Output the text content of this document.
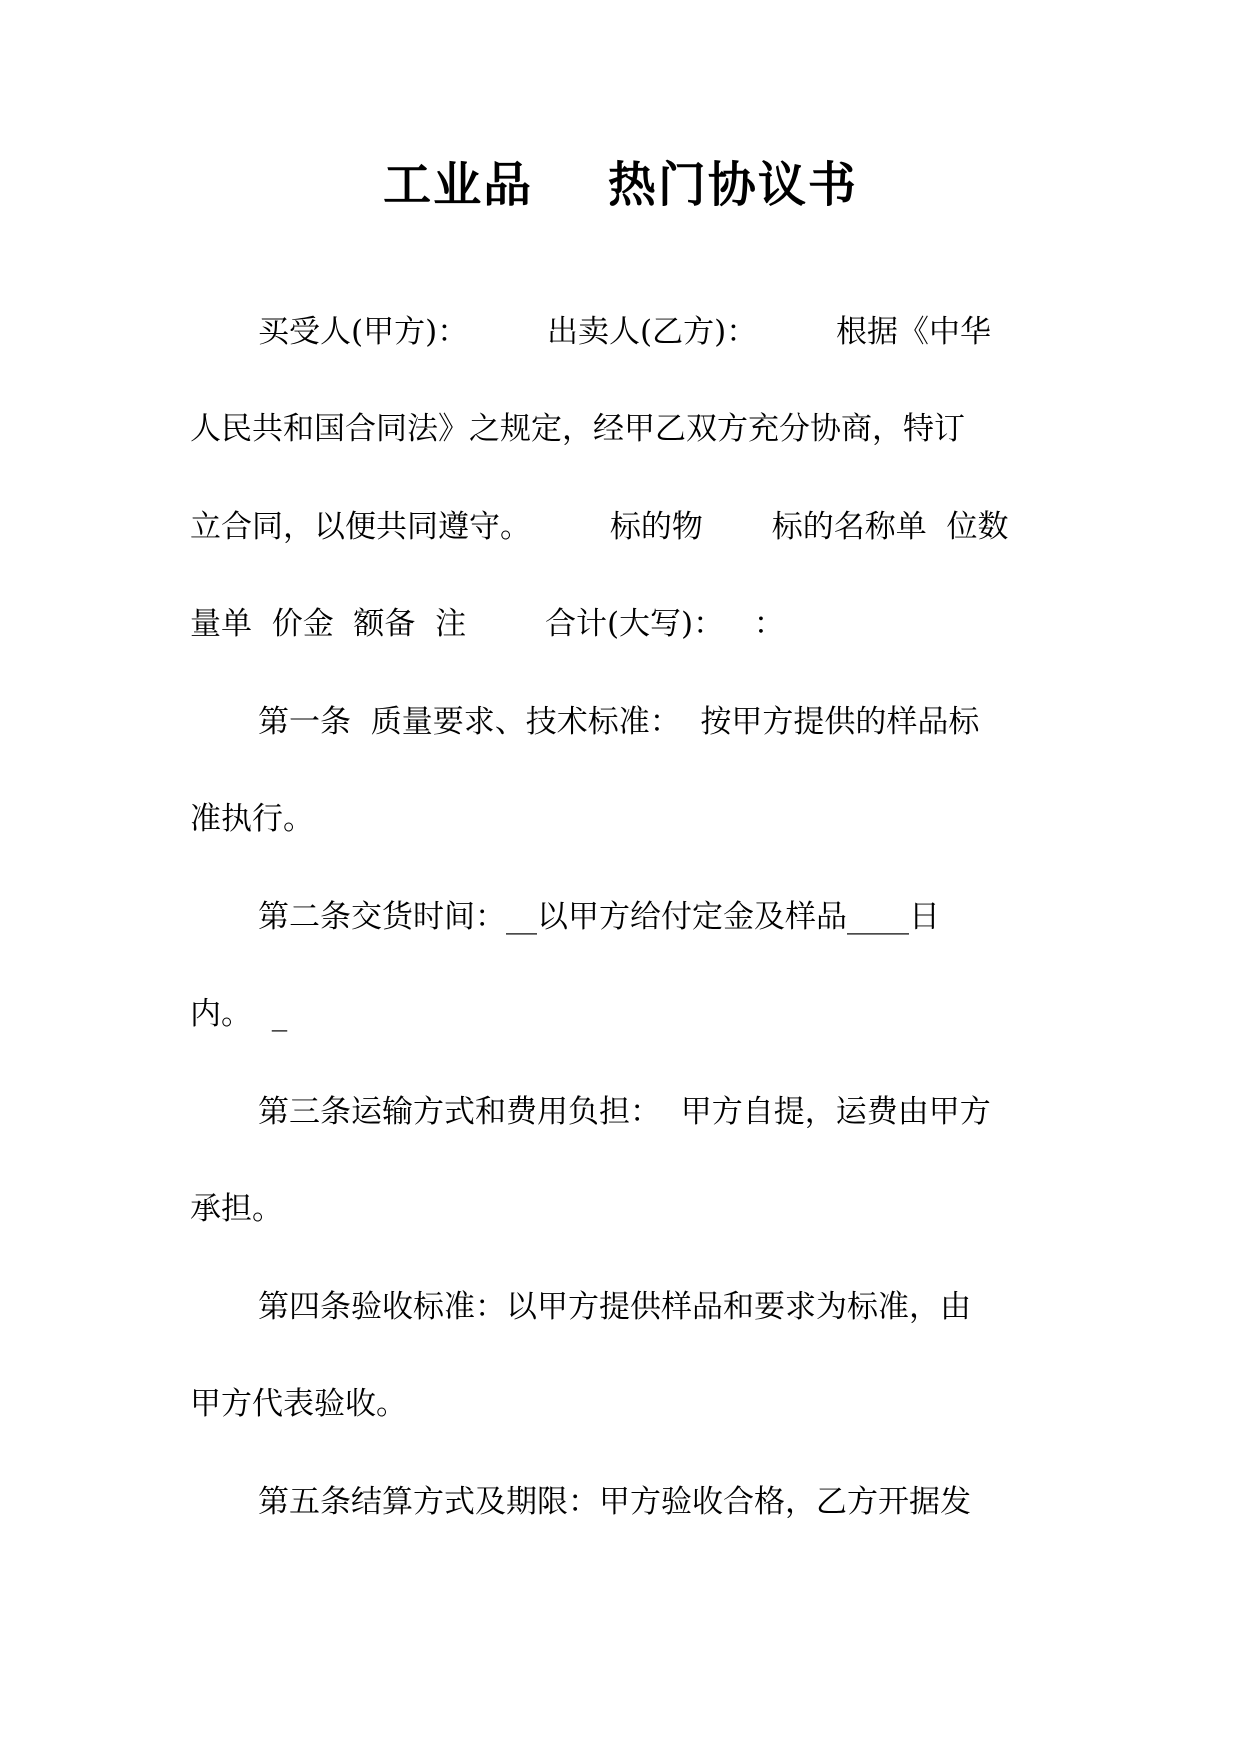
工业品    热门协议书
买受人(甲方)：        出卖人(乙方)：        根据《中华
人民共和国合同法》之规定，经甲乙双方充分协商，特订
立合同，以便共同遵守。        标的物       标的名称单  位数
量单  价金  额备  注        合计(大写)：   ：
第一条  质量要求、技术标准：  按甲方提供的样品标
准执行。
第二条交货时间：__以甲方给付定金及样品____日
内。  _
第三条运输方式和费用负担：  甲方自提，运费由甲方
承担。
第四条验收标准：以甲方提供样品和要求为标准，由
甲方代表验收。
第五条结算方式及期限：甲方验收合格，乙方开据发
